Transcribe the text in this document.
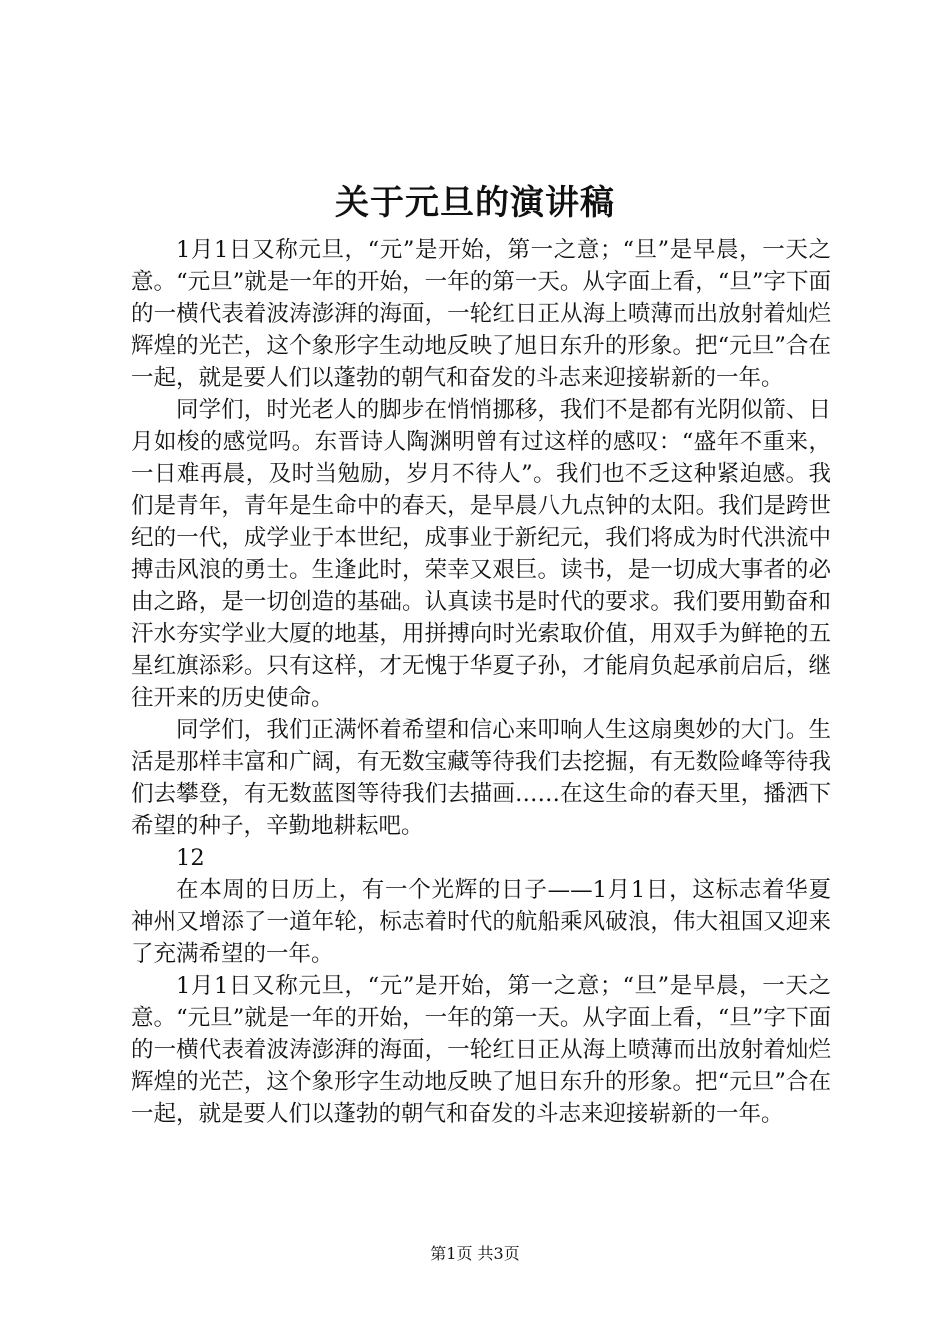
关于元旦的演讲稿

1月1日又称元旦，“元”是开始，第一之意；“旦”是早晨，一天之意。“元旦”就是一年的开始，一年的第一天。从字面上看，“旦”字下面的一横代表着波涛澎湃的海面，一轮红日正从海上喷薄而出放射着灿烂辉煌的光芒，这个象形字生动地反映了旭日东升的形象。把“元旦”合在一起，就是要人们以蓬勃的朝气和奋发的斗志来迎接崭新的一年。

同学们，时光老人的脚步在悄悄挪移，我们不是都有光阴似箭、日月如梭的感觉吗。东晋诗人陶渊明曾有过这样的感叹：“盛年不重来，一日难再晨，及时当勉励，岁月不待人”。我们也不乏这种紧迫感。我们是青年，青年是生命中的春天，是早晨八九点钟的太阳。我们是跨世纪的一代，成学业于本世纪，成事业于新纪元，我们将成为时代洪流中搏击风浪的勇士。生逢此时，荣幸又艰巨。读书，是一切成大事者的必由之路，是一切创造的基础。认真读书是时代的要求。我们要用勤奋和汗水夯实学业大厦的地基，用拼搏向时光索取价值，用双手为鲜艳的五星红旗添彩。只有这样，才无愧于华夏子孙，才能肩负起承前启后，继往开来的历史使命。

同学们，我们正满怀着希望和信心来叩响人生这扇奥妙的大门。生活是那样丰富和广阔，有无数宝藏等待我们去挖掘，有无数险峰等待我们去攀登，有无数蓝图等待我们去描画……在这生命的春天里，播洒下希望的种子，辛勤地耕耘吧。

12

在本周的日历上，有一个光辉的日子——1月1日，这标志着华夏神州又增添了一道年轮，标志着时代的航船乘风破浪，伟大祖国又迎来了充满希望的一年。

1月1日又称元旦，“元”是开始，第一之意；“旦”是早晨，一天之意。“元旦”就是一年的开始，一年的第一天。从字面上看，“旦”字下面的一横代表着波涛澎湃的海面，一轮红日正从海上喷薄而出放射着灿烂辉煌的光芒，这个象形字生动地反映了旭日东升的形象。把“元旦”合在一起，就是要人们以蓬勃的朝气和奋发的斗志来迎接崭新的一年。

第1页 共3页
